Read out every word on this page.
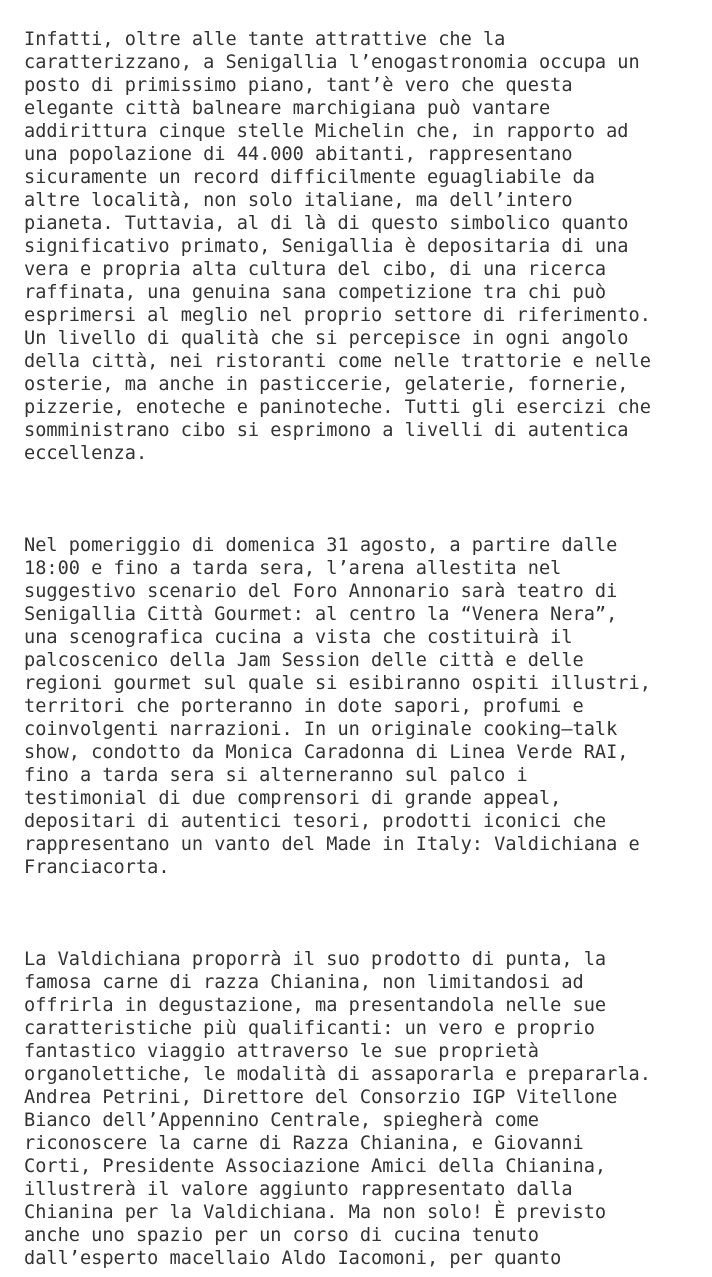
Infatti, oltre alle tante attrattive che la
caratterizzano, a Senigallia l’enogastronomia occupa un
posto di primissimo piano, tant’è vero che questa
elegante città balneare marchigiana può vantare
addirittura cinque stelle Michelin che, in rapporto ad
una popolazione di 44.000 abitanti, rappresentano
sicuramente un record difficilmente eguagliabile da
altre località, non solo italiane, ma dell’intero
pianeta. Tuttavia, al di là di questo simbolico quanto
significativo primato, Senigallia è depositaria di una
vera e propria alta cultura del cibo, di una ricerca
raffinata, una genuina sana competizione tra chi può
esprimersi al meglio nel proprio settore di riferimento.
Un livello di qualità che si percepisce in ogni angolo
della città, nei ristoranti come nelle trattorie e nelle
osterie, ma anche in pasticcerie, gelaterie, fornerie,
pizzerie, enoteche e paninoteche. Tutti gli esercizi che
somministrano cibo si esprimono a livelli di autentica
eccellenza.

Nel pomeriggio di domenica 31 agosto, a partire dalle
18:00 e fino a tarda sera, l’arena allestita nel
suggestivo scenario del Foro Annonario sarà teatro di
Senigallia Città Gourmet: al centro la “Venera Nera”,
una scenografica cucina a vista che costituirà il
palcoscenico della Jam Session delle città e delle
regioni gourmet sul quale si esibiranno ospiti illustri,
territori che porteranno in dote sapori, profumi e
coinvolgenti narrazioni. In un originale cooking–talk
show, condotto da Monica Caradonna di Linea Verde RAI,
fino a tarda sera si alterneranno sul palco i
testimonial di due comprensori di grande appeal,
depositari di autentici tesori, prodotti iconici che
rappresentano un vanto del Made in Italy: Valdichiana e
Franciacorta.

La Valdichiana proporrà il suo prodotto di punta, la
famosa carne di razza Chianina, non limitandosi ad
offrirla in degustazione, ma presentandola nelle sue
caratteristiche più qualificanti: un vero e proprio
fantastico viaggio attraverso le sue proprietà
organolettiche, le modalità di assaporarla e prepararla.
Andrea Petrini, Direttore del Consorzio IGP Vitellone
Bianco dell’Appennino Centrale, spiegherà come
riconoscere la carne di Razza Chianina, e Giovanni
Corti, Presidente Associazione Amici della Chianina,
illustrerà il valore aggiunto rappresentato dalla
Chianina per la Valdichiana. Ma non solo! È previsto
anche uno spazio per un corso di cucina tenuto
dall’esperto macellaio Aldo Iacomoni, per quanto
